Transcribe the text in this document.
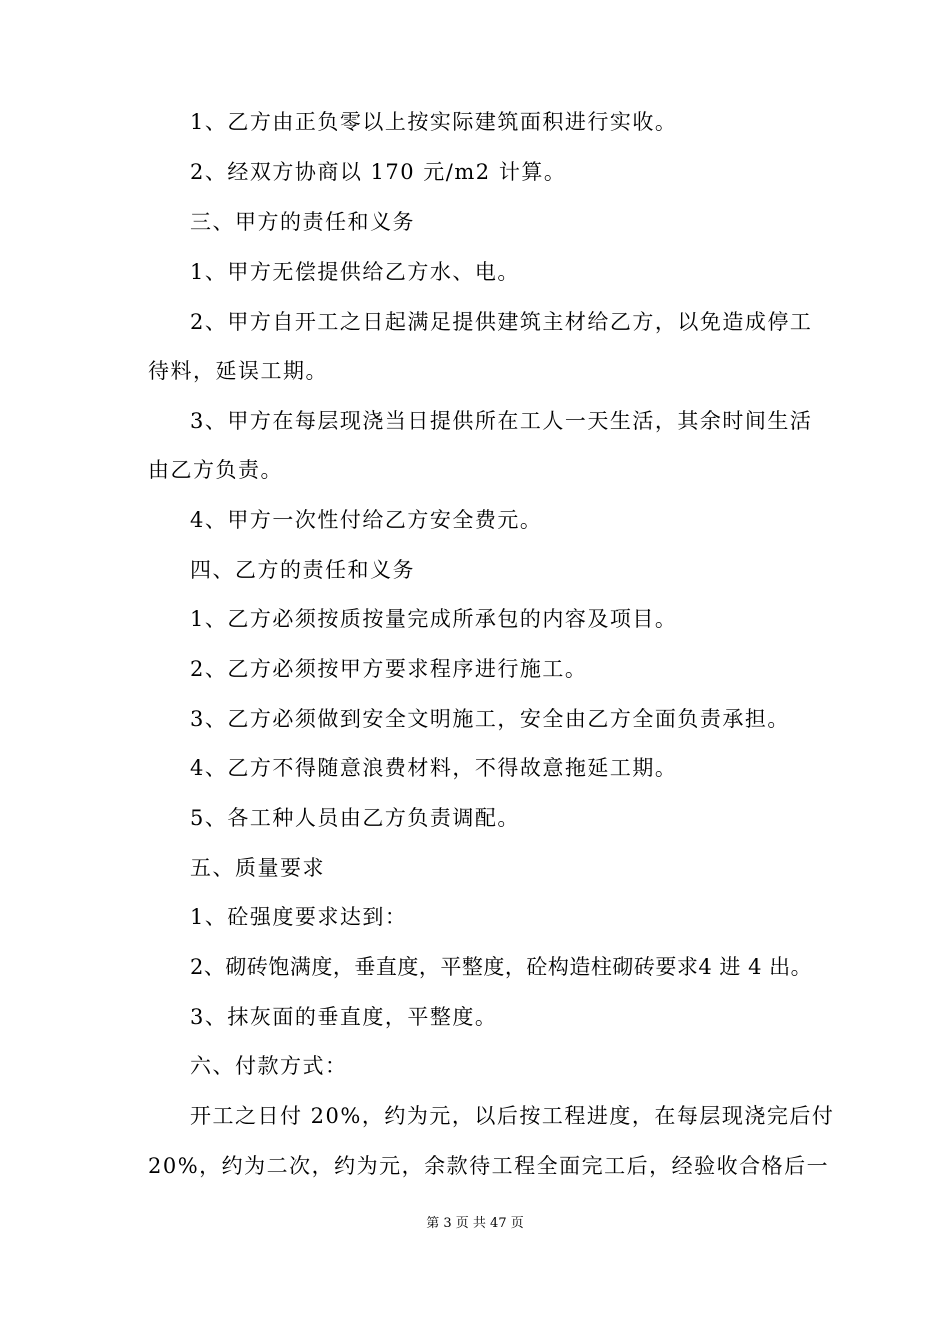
1、乙方由正负零以上按实际建筑面积进行实收。
2、经双方协商以 170 元/m2 计算。
三、甲方的责任和义务
1、甲方无偿提供给乙方水、电。
2、甲方自开工之日起满足提供建筑主材给乙方，以免造成停工
待料，延误工期。
3、甲方在每层现浇当日提供所在工人一天生活，其余时间生活
由乙方负责。
4、甲方一次性付给乙方安全费元。
四、乙方的责任和义务
1、乙方必须按质按量完成所承包的内容及项目。
2、乙方必须按甲方要求程序进行施工。
3、乙方必须做到安全文明施工，安全由乙方全面负责承担。
4、乙方不得随意浪费材料，不得故意拖延工期。
5、各工种人员由乙方负责调配。
五、质量要求
1、砼强度要求达到：
2、砌砖饱满度，垂直度，平整度，砼构造柱砌砖要求4 进 4 出。
3、抹灰面的垂直度，平整度。
六、付款方式：
开工之日付 20%，约为元，以后按工程进度，在每层现浇完后付
20%，约为二次，约为元，余款待工程全面完工后，经验收合格后一
第 3 页 共 47 页
